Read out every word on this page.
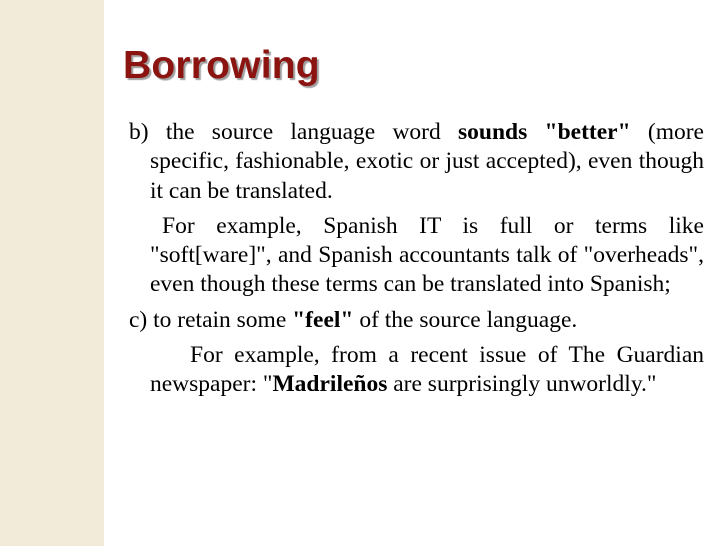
Borrowing

b) the source language word sounds "better" (more specific, fashionable, exotic or just accepted), even though it can be translated.

For example, Spanish IT is full or terms like "soft[ware]", and Spanish accountants talk of "overheads", even though these terms can be translated into Spanish;

c) to retain some "feel" of the source language.

For example, from a recent issue of The Guardian newspaper: "Madrileños are surprisingly unworldly."
